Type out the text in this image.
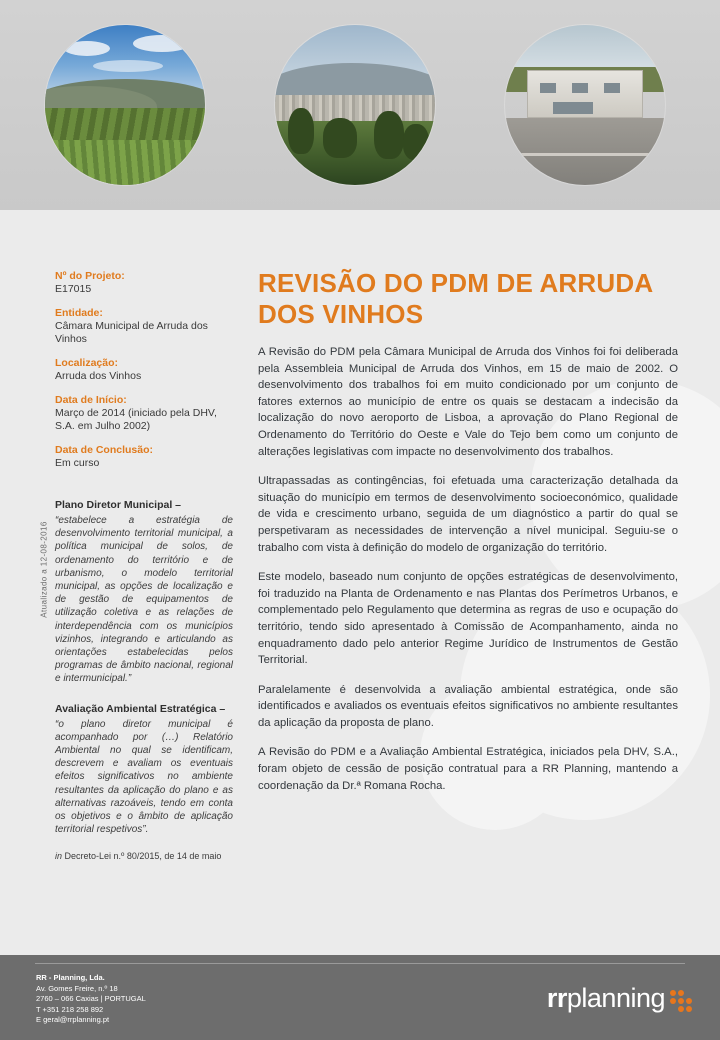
Atualizado a 12-08-2016
Nº do Projeto:
E17015
Entidade:
Câmara Municipal de Arruda dos Vinhos
Localização:
Arruda dos Vinhos
Data de Início:
Março de 2014 (iniciado pela DHV, S.A. em Julho 2002)
Data de Conclusão:
Em curso
Plano Diretor Municipal –
“estabelece a estratégia de desenvolvimento territorial municipal, a política municipal de solos, de ordenamento do território e de urbanismo, o modelo territorial municipal, as opções de localização e de gestão de equipamentos de utilização coletiva e as relações de interdependência com os municípios vizinhos, integrando e articulando as orientações estabelecidas pelos programas de âmbito nacional, regional e intermunicipal.”
Avaliação Ambiental Estratégica –
“o plano diretor municipal é acompanhado por (…) Relatório Ambiental no qual se identificam, descrevem e avaliam os eventuais efeitos significativos no ambiente resultantes da aplicação do plano e as alternativas razoáveis, tendo em conta os objetivos e o âmbito de aplicação territorial respetivos”.
in Decreto-Lei n.º 80/2015, de 14 de maio
REVISÃO DO PDM DE ARRUDA DOS VINHOS

A Revisão do PDM pela Câmara Municipal de Arruda dos Vinhos foi foi deliberada pela Assembleia Municipal de Arruda dos Vinhos, em 15 de maio de 2002. O desenvolvimento dos trabalhos foi em muito condicionado por um conjunto de fatores externos ao município de entre os quais se destacam a indecisão da localização do novo aeroporto de Lisboa, a aprovação do Plano Regional de Ordenamento do Território do Oeste e Vale do Tejo bem como um conjunto de alterações legislativas com impacte no desenvolvimento dos trabalhos.

Ultrapassadas as contingências, foi efetuada uma caracterização detalhada da situação do município em termos de desenvolvimento socioeconómico, qualidade de vida e crescimento urbano, seguida de um diagnóstico a partir do qual se perspetivaram as necessidades de intervenção a nível municipal. Seguiu-se o trabalho com vista à definição do modelo de organização do território.

Este modelo, baseado num conjunto de opções estratégicas de desenvolvimento, foi traduzido na Planta de Ordenamento e nas Plantas dos Perímetros Urbanos, e complementado pelo Regulamento que determina as regras de uso e ocupação do território, tendo sido apresentado à Comissão de Acompanhamento, ainda no enquadramento dado pelo anterior Regime Jurídico de Instrumentos de Gestão Territorial.

Paralelamente é desenvolvida a avaliação ambiental estratégica, onde são identificados e avaliados os eventuais efeitos significativos no ambiente resultantes da aplicação da proposta de plano.

A Revisão do PDM e a Avaliação Ambiental Estratégica, iniciados pela DHV, S.A., foram objeto de cessão de posição contratual para a RR Planning, mantendo a coordenação da Dr.ª Romana Rocha.

RR - Planning, Lda.
Av. Gomes Freire, n.º 18
2760 – 066 Caxias | PORTUGAL
T +351 218 258 892
E geral@rrplanning.pt
rrplanning
